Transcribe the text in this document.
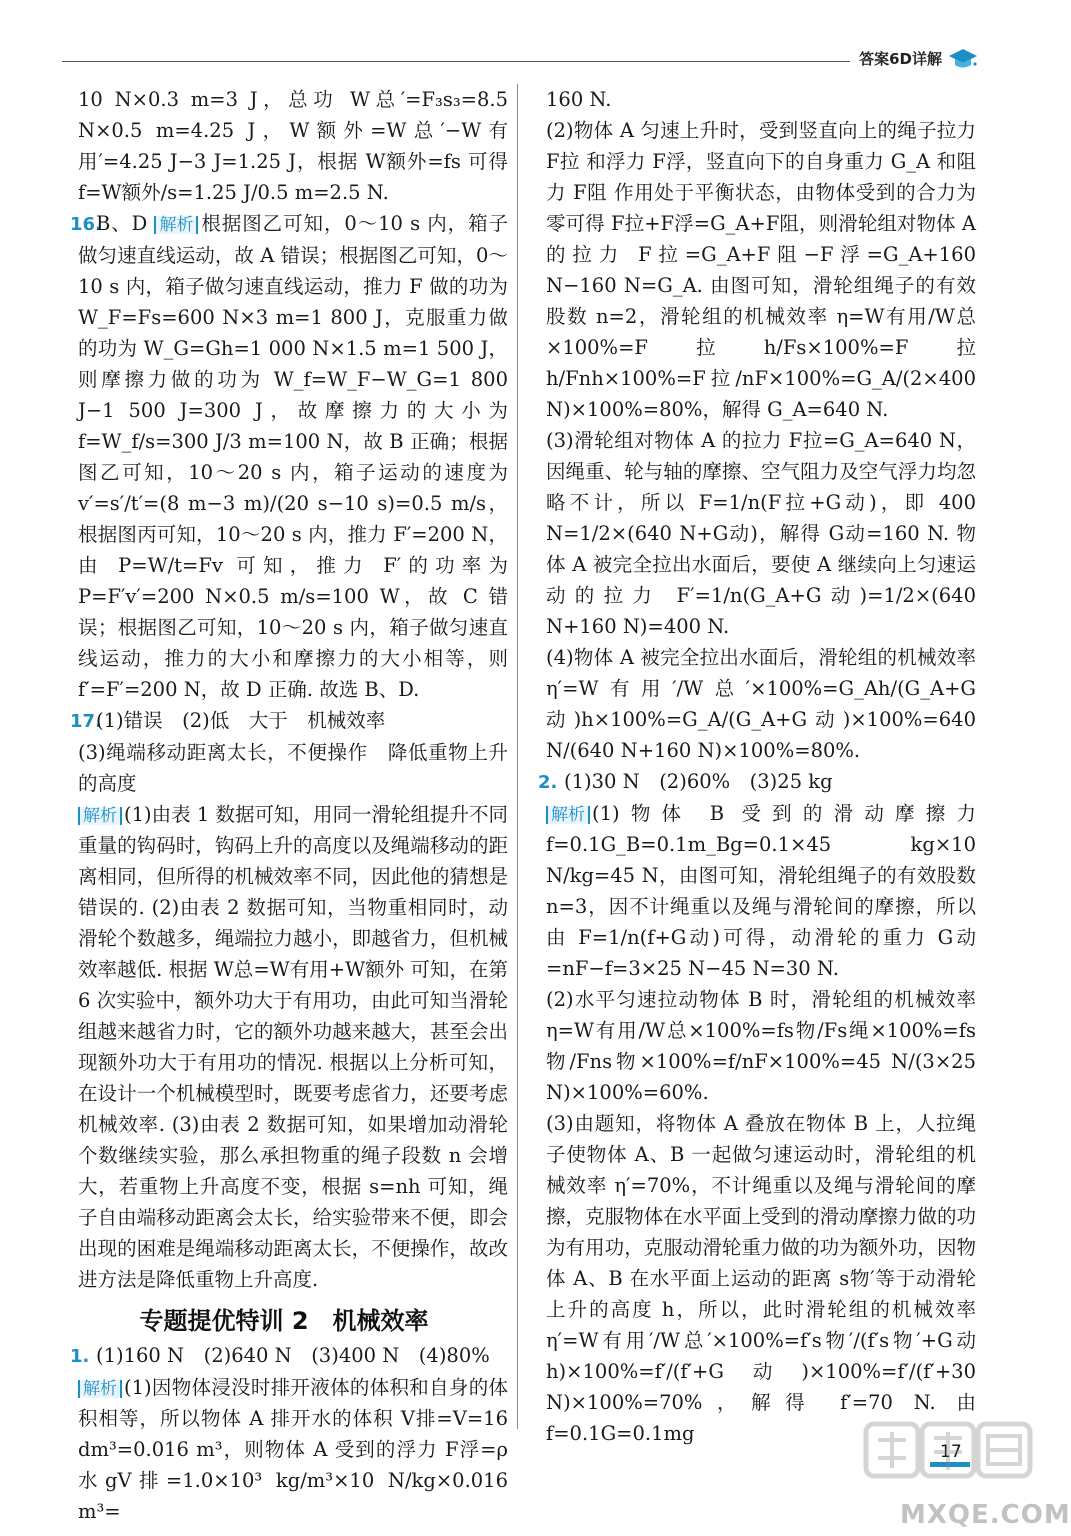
答案6D详解

10 N×0.3 m=3 J，总功 W总′=F₃s₃=8.5 N×0.5 m=4.25 J，W额外=W总′−W有用′=4.25 J−3 J=1.25 J，根据 W额外=fs 可得 f=W额外/s=1.25 J/0.5 m=2.5 N.

16.B、D 解析 根据图乙可知，0～10 s 内，箱子做匀速直线运动，故 A 错误；根据图乙可知，0～10 s 内，箱子做匀速直线运动，推力 F 做的功为 W_F=Fs=600 N×3 m=1 800 J，克服重力做的功为 W_G=Gh=1 000 N×1.5 m=1 500 J，则摩擦力做的功为 W_f=W_F−W_G=1 800 J−1 500 J=300 J，故摩擦力的大小为 f=W_f/s=300 J/3 m=100 N，故 B 正确；根据图乙可知，10～20 s 内，箱子运动的速度为 v′=s′/t′=(8 m−3 m)/(20 s−10 s)=0.5 m/s，根据图丙可知，10～20 s 内，推力 F′=200 N，由 P=W/t=Fv 可知，推力 F′的功率为 P=F′v′=200 N×0.5 m/s=100 W，故 C 错误；根据图乙可知，10～20 s 内，箱子做匀速直线运动，推力的大小和摩擦力的大小相等，则 f′=F′=200 N，故 D 正确. 故选 B、D.

17.(1)错误　(2)低　大于　机械效率

(3)绳端移动距离太长，不便操作　降低重物上升的高度

解析 (1)由表 1 数据可知，用同一滑轮组提升不同重量的钩码时，钩码上升的高度以及绳端移动的距离相同，但所得的机械效率不同，因此他的猜想是错误的. (2)由表 2 数据可知，当物重相同时，动滑轮个数越多，绳端拉力越小，即越省力，但机械效率越低. 根据 W总=W有用+W额外 可知，在第 6 次实验中，额外功大于有用功，由此可知当滑轮组越来越省力时，它的额外功越来越大，甚至会出现额外功大于有用功的情况. 根据以上分析可知，在设计一个机械模型时，既要考虑省力，还要考虑机械效率. (3)由表 2 数据可知，如果增加动滑轮个数继续实验，那么承担物重的绳子段数 n 会增大，若重物上升高度不变，根据 s=nh 可知，绳子自由端移动距离会太长，给实验带来不便，即会出现的困难是绳端移动距离太长，不便操作，故改进方法是降低重物上升高度.

专题提优特训 2　机械效率

1. (1)160 N　(2)640 N　(3)400 N　(4)80%

解析 (1)因物体浸没时排开液体的体积和自身的体积相等，所以物体 A 排开水的体积 V排=V=16 dm³=0.016 m³，则物体 A 受到的浮力 F浮=ρ水gV排=1.0×10³ kg/m³×10 N/kg×0.016 m³=

160 N.

(2)物体 A 匀速上升时，受到竖直向上的绳子拉力 F拉 和浮力 F浮，竖直向下的自身重力 G_A 和阻力 F阻 作用处于平衡状态，由物体受到的合力为零可得 F拉+F浮=G_A+F阻，则滑轮组对物体 A 的拉力 F拉=G_A+F阻−F浮=G_A+160 N−160 N=G_A. 由图可知，滑轮组绳子的有效股数 n=2，滑轮组的机械效率 η=W有用/W总×100%=F拉h/Fs×100%=F拉h/Fnh×100%=F拉/nF×100%=G_A/(2×400 N)×100%=80%，解得 G_A=640 N.

(3)滑轮组对物体 A 的拉力 F拉=G_A=640 N，因绳重、轮与轴的摩擦、空气阻力及空气浮力均忽略不计，所以 F=1/n(F拉+G动)，即 400 N=1/2×(640 N+G动)，解得 G动=160 N. 物体 A 被完全拉出水面后，要使 A 继续向上匀速运动的拉力 F′=1/n(G_A+G动)=1/2×(640 N+160 N)=400 N.

(4)物体 A 被完全拉出水面后，滑轮组的机械效率 η′=W有用′/W总′×100%=G_Ah/(G_A+G动)h×100%=G_A/(G_A+G动)×100%=640 N/(640 N+160 N)×100%=80%.

2. (1)30 N　(2)60%　(3)25 kg

解析 (1)物体 B 受到的滑动摩擦力 f=0.1G_B=0.1m_Bg=0.1×45 kg×10 N/kg=45 N，由图可知，滑轮组绳子的有效股数 n=3，因不计绳重以及绳与滑轮间的摩擦，所以由 F=1/n(f+G动)可得，动滑轮的重力 G动=nF−f=3×25 N−45 N=30 N.

(2)水平匀速拉动物体 B 时，滑轮组的机械效率 η=W有用/W总×100%=fs物/Fs绳×100%=fs物/Fns物×100%=f/nF×100%=45 N/(3×25 N)×100%=60%.

(3)由题知，将物体 A 叠放在物体 B 上，人拉绳子使物体 A、B 一起做匀速运动时，滑轮组的机械效率 η′=70%，不计绳重以及绳与滑轮间的摩擦，克服物体在水平面上受到的滑动摩擦力做的功为有用功，克服动滑轮重力做的功为额外功，因物体 A、B 在水平面上运动的距离 s物′等于动滑轮上升的高度 h，所以，此时滑轮组的机械效率 η′=W有用′/W总′×100%=f′s物′/(f′s物′+G动h)×100%=f′/(f′+G动)×100%=f′/(f′+30 N)×100%=70%，解得 f′=70 N. 由 f=0.1G=0.1mg

17
MXQE.COM
